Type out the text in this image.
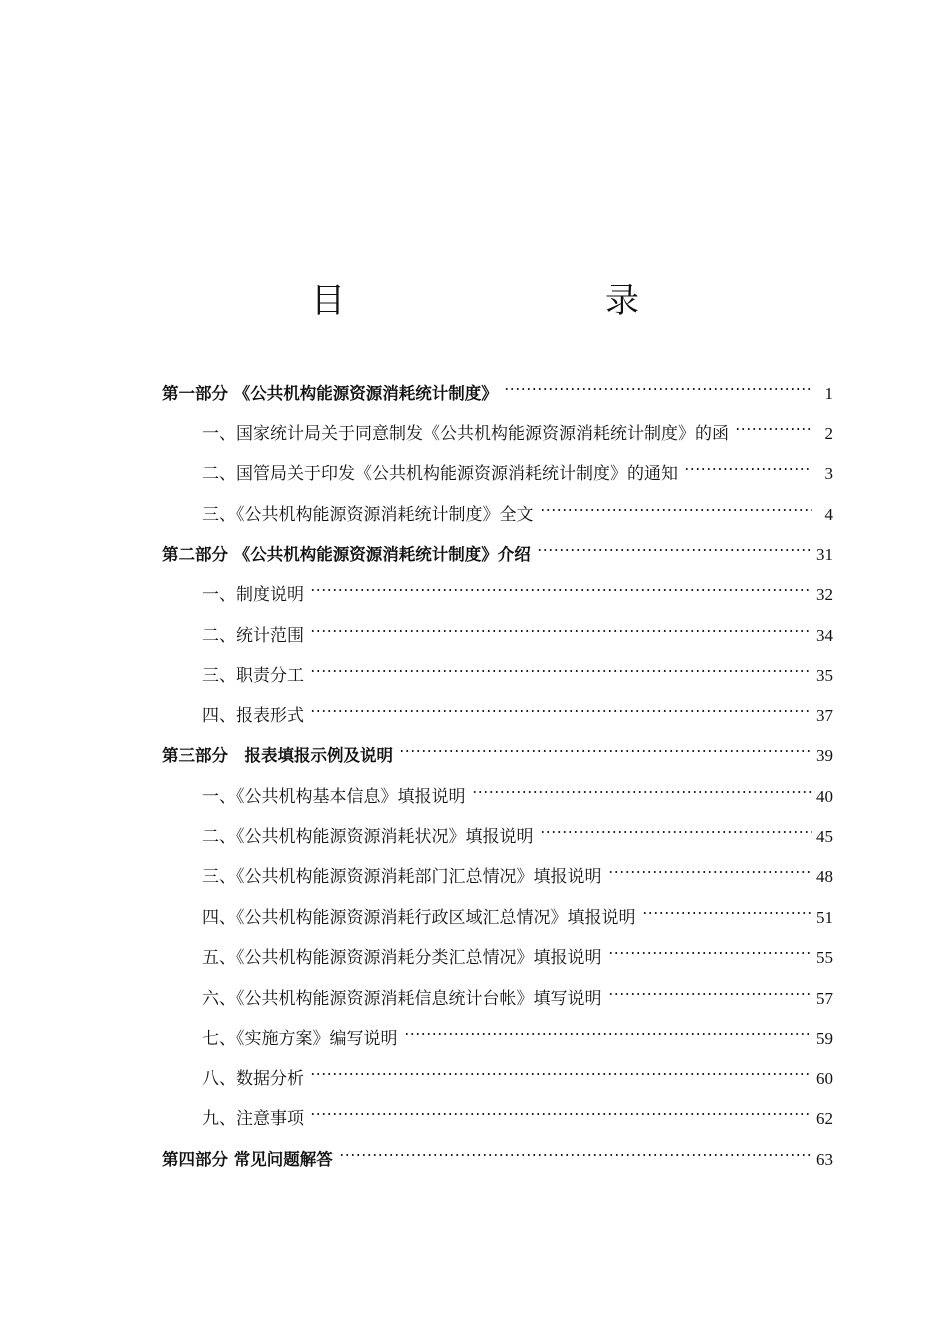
目　　录
第一部分 《公共机构能源资源消耗统计制度》	1
一、国家统计局关于同意制发《公共机构能源资源消耗统计制度》的函	2
二、国管局关于印发《公共机构能源资源消耗统计制度》的通知	3
三、《公共机构能源资源消耗统计制度》全文	4
第二部分 《公共机构能源资源消耗统计制度》介绍	31
一、制度说明	32
二、统计范围	34
三、职责分工	35
四、报表形式	37
第三部分　报表填报示例及说明	39
一、《公共机构基本信息》填报说明	40
二、《公共机构能源资源消耗状况》填报说明	45
三、《公共机构能源资源消耗部门汇总情况》填报说明	48
四、《公共机构能源资源消耗行政区域汇总情况》填报说明	51
五、《公共机构能源资源消耗分类汇总情况》填报说明	55
六、《公共机构能源资源消耗信息统计台帐》填写说明	57
七、《实施方案》编写说明	59
八、数据分析	60
九、注意事项	62
第四部分 常见问题解答	63
